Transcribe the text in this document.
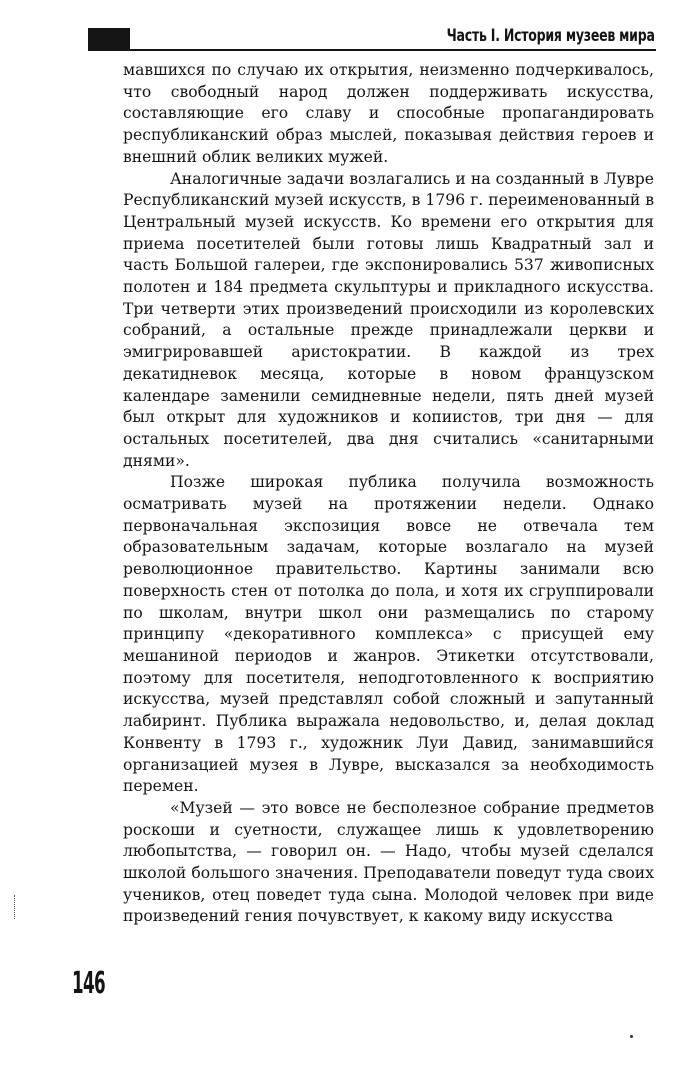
Часть I. История музеев мира

мавшихся по случаю их открытия, неизменно подчеркивалось, что свободный народ должен поддерживать искусства, составляющие его славу и способные пропагандировать республиканский образ мыслей, показывая действия героев и внешний облик великих мужей.

Аналогичные задачи возлагались и на созданный в Лувре Республиканский музей искусств, в 1796 г. переименованный в Центральный музей искусств. Ко времени его открытия для приема посетителей были готовы лишь Квадратный зал и часть Большой галереи, где экспонировались 537 живописных полотен и 184 предмета скульптуры и прикладного искусства. Три четверти этих произведений происходили из королевских собраний, а остальные прежде принадлежали церкви и эмигрировавшей аристократии. В каждой из трех декатидневок месяца, которые в новом французском календаре заменили семидневные недели, пять дней музей был открыт для художников и копиистов, три дня — для остальных посетителей, два дня считались «санитарными днями».

Позже широкая публика получила возможность осматривать музей на протяжении недели. Однако первоначальная экспозиция вовсе не отвечала тем образовательным задачам, которые возлагало на музей революционное правительство. Картины занимали всю поверхность стен от потолка до пола, и хотя их сгруппировали по школам, внутри школ они размещались по старому принципу «декоративного комплекса» с присущей ему мешаниной периодов и жанров. Этикетки отсутствовали, поэтому для посетителя, неподготовленного к восприятию искусства, музей представлял собой сложный и запутанный лабиринт. Публика выражала недовольство, и, делая доклад Конвенту в 1793 г., художник Луи Давид, занимавшийся организацией музея в Лувре, высказался за необходимость перемен.

«Музей — это вовсе не бесполезное собрание предметов роскоши и суетности, служащее лишь к удовлетворению любопытства, — говорил он. — Надо, чтобы музей сделался школой большого значения. Преподаватели поведут туда своих учеников, отец поведет туда сына. Молодой человек при виде произведений гения почувствует, к какому виду искусства

146
